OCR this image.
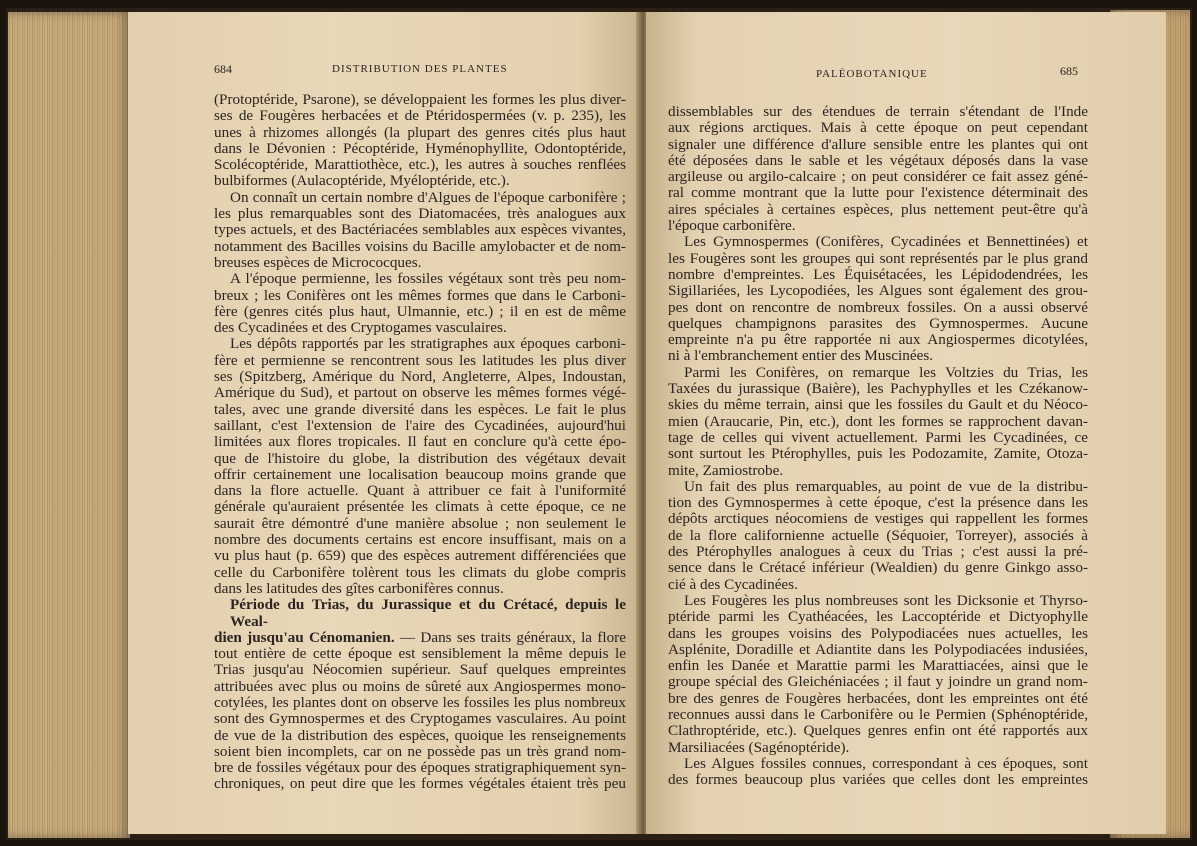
684	DISTRIBUTION DES PLANTES

(Protoptéride, Psarone), se développaient les formes les plus diver-

ses de Fougères herbacées et de Ptéridospermées (v. p. 235), les

unes à rhizomes allongés (la plupart des genres cités plus haut

dans le Dévonien : Pécoptéride, Hyménophyllite, Odontoptéride,

Scolécoptéride, Marattiothèce, etc.), les autres à souches renflées

bulbiformes (Aulacoptéride, Myéloptéride, etc.).

On connaît un certain nombre d'Algues de l'époque carbonifère ;

les plus remarquables sont des Diatomacées, très analogues aux

types actuels, et des Bactériacées semblables aux espèces vivantes,

notamment des Bacilles voisins du Bacille amylobacter et de nom-

breuses espèces de Micrococques.

A l'époque permienne, les fossiles végétaux sont très peu nom-

breux ; les Conifères ont les mêmes formes que dans le Carboni-

fère (genres cités plus haut, Ulmannie, etc.) ; il en est de même

des Cycadinées et des Cryptogames vasculaires.

Les dépôts rapportés par les stratigraphes aux époques carboni-

fère et permienne se rencontrent sous les latitudes les plus diver

ses (Spitzberg, Amérique du Nord, Angleterre, Alpes, Indoustan,

Amérique du Sud), et partout on observe les mêmes formes végé-

tales, avec une grande diversité dans les espèces. Le fait le plus

saillant, c'est l'extension de l'aire des Cycadinées, aujourd'hui

limitées aux flores tropicales. Il faut en conclure qu'à cette épo-

que de l'histoire du globe, la distribution des végétaux devait

offrir certainement une localisation beaucoup moins grande que

dans la flore actuelle. Quant à attribuer ce fait à l'uniformité

générale qu'auraient présentée les climats à cette époque, ce ne

saurait être démontré d'une manière absolue ; non seulement le

nombre des documents certains est encore insuffisant, mais on a

vu plus haut (p. 659) que des espèces autrement différenciées que

celle du Carbonifère tolèrent tous les climats du globe compris

dans les latitudes des gîtes carbonifères connus.

Période du Trias, du Jurassique et du Crétacé, depuis le Weal-

dien jusqu'au Cénomanien. — Dans ses traits généraux, la flore

tout entière de cette époque est sensiblement la même depuis le

Trias jusqu'au Néocomien supérieur. Sauf quelques empreintes

attribuées avec plus ou moins de sûreté aux Angiospermes mono-

cotylées, les plantes dont on observe les fossiles les plus nombreux

sont des Gymnospermes et des Cryptogames vasculaires. Au point

de vue de la distribution des espèces, quoique les renseignements

soient bien incomplets, car on ne possède pas un très grand nom-

bre de fossiles végétaux pour des époques stratigraphiquement syn-

chroniques, on peut dire que les formes végétales étaient très peu

PALÉOBOTANIQUE	685

dissemblables sur des étendues de terrain s'étendant de l'Inde

aux régions arctiques. Mais à cette époque on peut cependant

signaler une différence d'allure sensible entre les plantes qui ont

été déposées dans le sable et les végétaux déposés dans la vase

argileuse ou argilo-calcaire ; on peut considérer ce fait assez géné-

ral comme montrant que la lutte pour l'existence déterminait des

aires spéciales à certaines espèces, plus nettement peut-être qu'à

l'époque carbonifère.

Les Gymnospermes (Conifères, Cycadinées et Bennettinées) et

les Fougères sont les groupes qui sont représentés par le plus grand

nombre d'empreintes. Les Équisétacées, les Lépidodendrées, les

Sigillariées, les Lycopodiées, les Algues sont également des grou-

pes dont on rencontre de nombreux fossiles. On a aussi observé

quelques champignons parasites des Gymnospermes. Aucune

empreinte n'a pu être rapportée ni aux Angiospermes dicotylées,

ni à l'embranchement entier des Muscinées.

Parmi les Conifères, on remarque les Voltzies du Trias, les

Taxées du jurassique (Baière), les Pachyphylles et les Czékanow-

skies du même terrain, ainsi que les fossiles du Gault et du Néoco-

mien (Araucarie, Pin, etc.), dont les formes se rapprochent davan-

tage de celles qui vivent actuellement. Parmi les Cycadinées, ce

sont surtout les Ptérophylles, puis les Podozamite, Zamite, Otoza-

mite, Zamiostrobe.

Un fait des plus remarquables, au point de vue de la distribu-

tion des Gymnospermes à cette époque, c'est la présence dans les

dépôts arctiques néocomiens de vestiges qui rappellent les formes

de la flore californienne actuelle (Séquoier, Torreyer), associés à

des Ptérophylles analogues à ceux du Trias ; c'est aussi la pré-

sence dans le Crétacé inférieur (Wealdien) du genre Ginkgo asso-

cié à des Cycadinées.

Les Fougères les plus nombreuses sont les Dicksonie et Thyrso-

ptéride parmi les Cyathéacées, les Laccoptéride et Dictyophylle

dans les groupes voisins des Polypodiacées nues actuelles, les

Asplénite, Doradille et Adiantite dans les Polypodiacées indusiées,

enfin les Danée et Marattie parmi les Marattiacées, ainsi que le

groupe spécial des Gleichéniacées ; il faut y joindre un grand nom-

bre des genres de Fougères herbacées, dont les empreintes ont été

reconnues aussi dans le Carbonifère ou le Permien (Sphénoptéride,

Clathroptéride, etc.). Quelques genres enfin ont été rapportés aux

Marsiliacées (Sagénoptéride).

Les Algues fossiles connues, correspondant à ces époques, sont

des formes beaucoup plus variées que celles dont les empreintes
